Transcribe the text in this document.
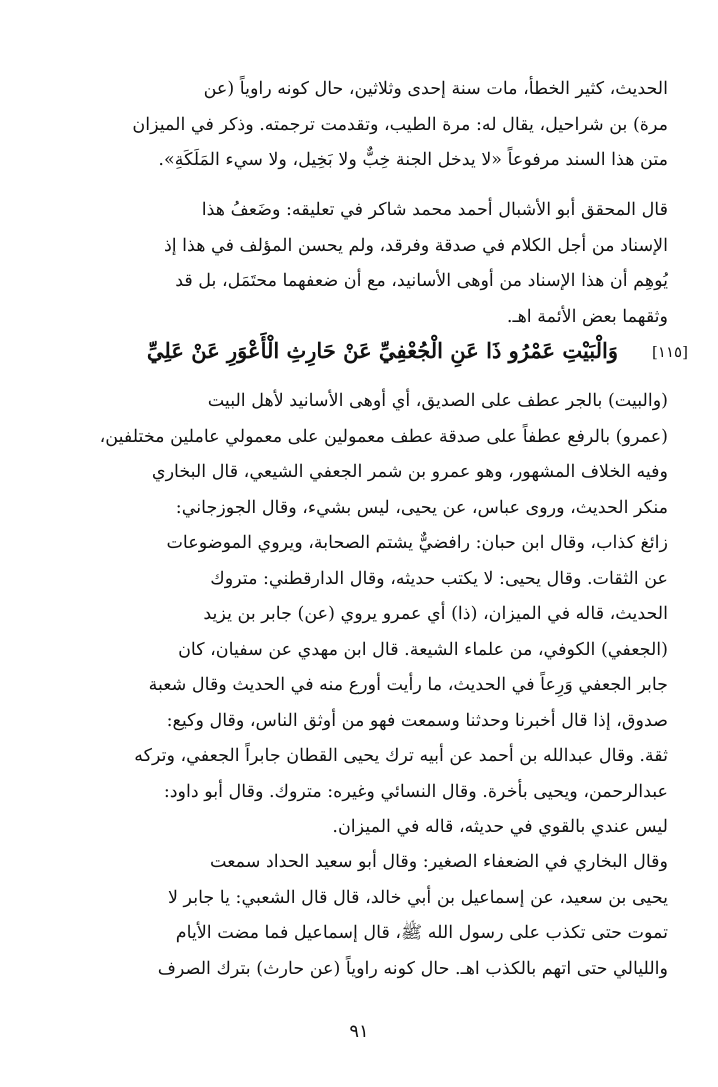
الحديث، كثير الخطأ، مات سنة إحدى وثلاثين، حال كونه راوياً (عن
مرة) بن شراحيل، يقال له: مرة الطيب، وتقدمت ترجمته. وذكر في الميزان
متن هذا السند مرفوعاً «لا يدخل الجنة خِبٌّ ولا بَخِيل، ولا سيء المَلَكَةِ».
قال المحقق أبو الأشبال أحمد محمد شاكر في تعليقه: وضَعفُ هذا
الإسناد من أجل الكلام في صدقة وفرقد، ولم يحسن المؤلف في هذا إذ
يُوهِم أن هذا الإسناد من أوهى الأسانيد، مع أن ضعفهما محتَمَل، بل قد
وثقهما بعض الأئمة اهـ.
وَالْبَيْتِ عَمْرُو ذَا عَنِ الْجُعْفِيِّ عَنْ حَارِثِ الْأَعْوَرِ عَنْ عَلِيِّ	[١١٥]
(والبيت) بالجر عطف على الصديق، أي أوهى الأسانيد لأهل البيت
(عمرو) بالرفع عطفاً على صدقة عطف معمولين على معمولي عاملين مختلفين،
وفيه الخلاف المشهور، وهو عمرو بن شمر الجعفي الشيعي، قال البخاري
منكر الحديث، وروى عباس، عن يحيى، ليس بشيء، وقال الجوزجاني:
زائغ كذاب، وقال ابن حبان: رافضيٌّ يشتم الصحابة، ويروي الموضوعات
عن الثقات. وقال يحيى: لا يكتب حديثه، وقال الدارقطني: متروك
الحديث، قاله في الميزان، (ذا) أي عمرو يروي (عن) جابر بن يزيد
(الجعفي) الكوفي، من علماء الشيعة. قال ابن مهدي عن سفيان، كان
جابر الجعفي وَرِعاً في الحديث، ما رأيت أورع منه في الحديث وقال شعبة
صدوق، إذا قال أخبرنا وحدثنا وسمعت فهو من أوثق الناس، وقال وكيع:
ثقة. وقال عبدالله بن أحمد عن أبيه ترك يحيى القطان جابراً الجعفي، وتركه
عبدالرحمن، ويحيى بأخرة. وقال النسائي وغيره: متروك. وقال أبو داود:
ليس عندي بالقوي في حديثه، قاله في الميزان.
وقال البخاري في الضعفاء الصغير: وقال أبو سعيد الحداد سمعت
يحيى بن سعيد، عن إسماعيل بن أبي خالد، قال قال الشعبي: يا جابر لا
تموت حتى تكذب على رسول الله ﷺ، قال إسماعيل فما مضت الأيام
والليالي حتى اتهم بالكذب اهـ. حال كونه راوياً (عن حارث) بترك الصرف
٩١
